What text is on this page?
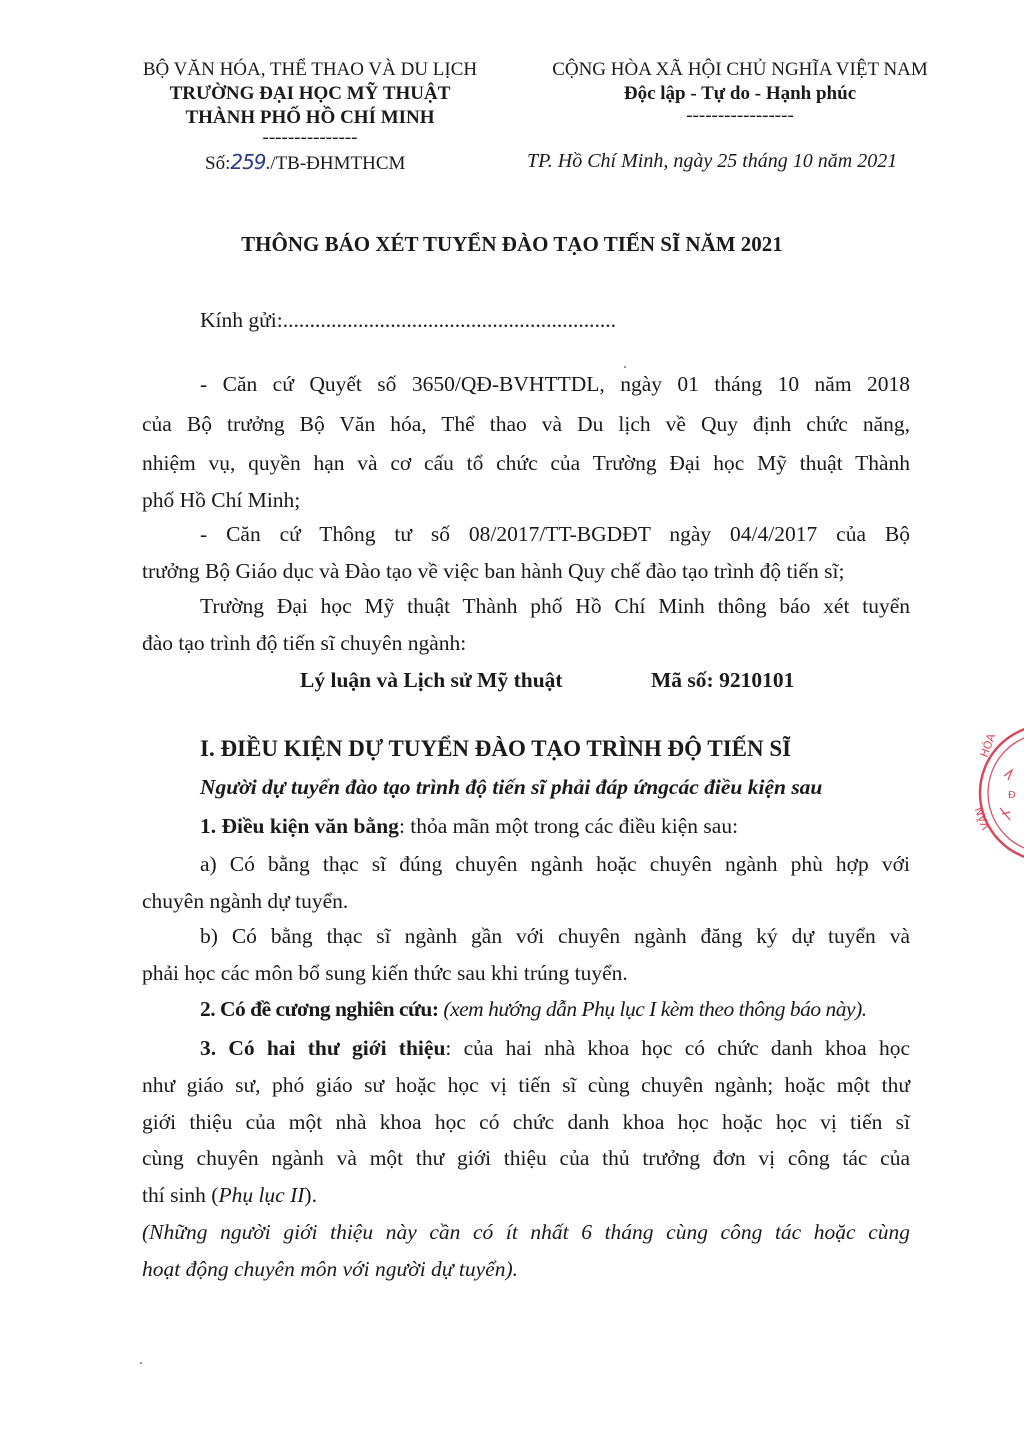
BỘ VĂN HÓA, THỂ THAO VÀ DU LỊCH
TRƯỜNG ĐẠI HỌC MỸ THUẬT
THÀNH PHỐ HỒ CHÍ MINH
---------------
Số:259./TB-ĐHMTHCM
CỘNG HÒA XÃ HỘI CHỦ NGHĨA VIỆT NAM
Độc lập - Tự do - Hạnh phúc
-----------------
TP. Hồ Chí Minh, ngày 25 tháng 10 năm 2021
THÔNG BÁO XÉT TUYỂN ĐÀO TẠO TIẾN SĨ NĂM 2021
Kính gửi:..............................................................
- Căn cứ Quyết số 3650/QĐ-BVHTTDL, ngày 01 tháng 10 năm 2018
của Bộ trưởng Bộ Văn hóa, Thể thao và Du lịch về Quy định chức năng,
nhiệm vụ, quyền hạn và cơ cấu tổ chức của Trường Đại học Mỹ thuật Thành
phố Hồ Chí Minh;
- Căn cứ Thông tư số 08/2017/TT-BGDĐT ngày 04/4/2017 của Bộ
trưởng Bộ Giáo dục và Đào tạo về việc ban hành Quy chế đào tạo trình độ tiến sĩ;
Trường Đại học Mỹ thuật Thành phố Hồ Chí Minh thông báo xét tuyển
đào tạo trình độ tiến sĩ chuyên ngành:
Lý luận và Lịch sử Mỹ thuật	Mã số: 9210101
I. ĐIỀU KIỆN DỰ TUYỂN ĐÀO TẠO TRÌNH ĐỘ TIẾN SĨ
Người dự tuyển đào tạo trình độ tiến sĩ phải đáp ứngcác điều kiện sau
1. Điều kiện văn bằng: thỏa mãn một trong các điều kiện sau:
a) Có bằng thạc sĩ đúng chuyên ngành hoặc chuyên ngành phù hợp với
chuyên ngành dự tuyển.
b) Có bằng thạc sĩ ngành gần với chuyên ngành đăng ký dự tuyển và
phải học các môn bổ sung kiến thức sau khi trúng tuyển.
2. Có đề cương nghiên cứu: (xem hướng dẫn Phụ lục I kèm theo thông báo này).
3. Có hai thư giới thiệu: của hai nhà khoa học có chức danh khoa học
như giáo sư, phó giáo sư hoặc học vị tiến sĩ cùng chuyên ngành; hoặc một thư
giới thiệu của một nhà khoa học có chức danh khoa học hoặc học vị tiến sĩ
cùng chuyên ngành và một thư giới thiệu của thủ trưởng đơn vị công tác của
thí sinh (Phụ lục II).
(Những người giới thiệu này cần có ít nhất 6 tháng cùng công tác hoặc cùng
hoạt động chuyên môn với người dự tuyển).
HÓA
VĂN
Đ
